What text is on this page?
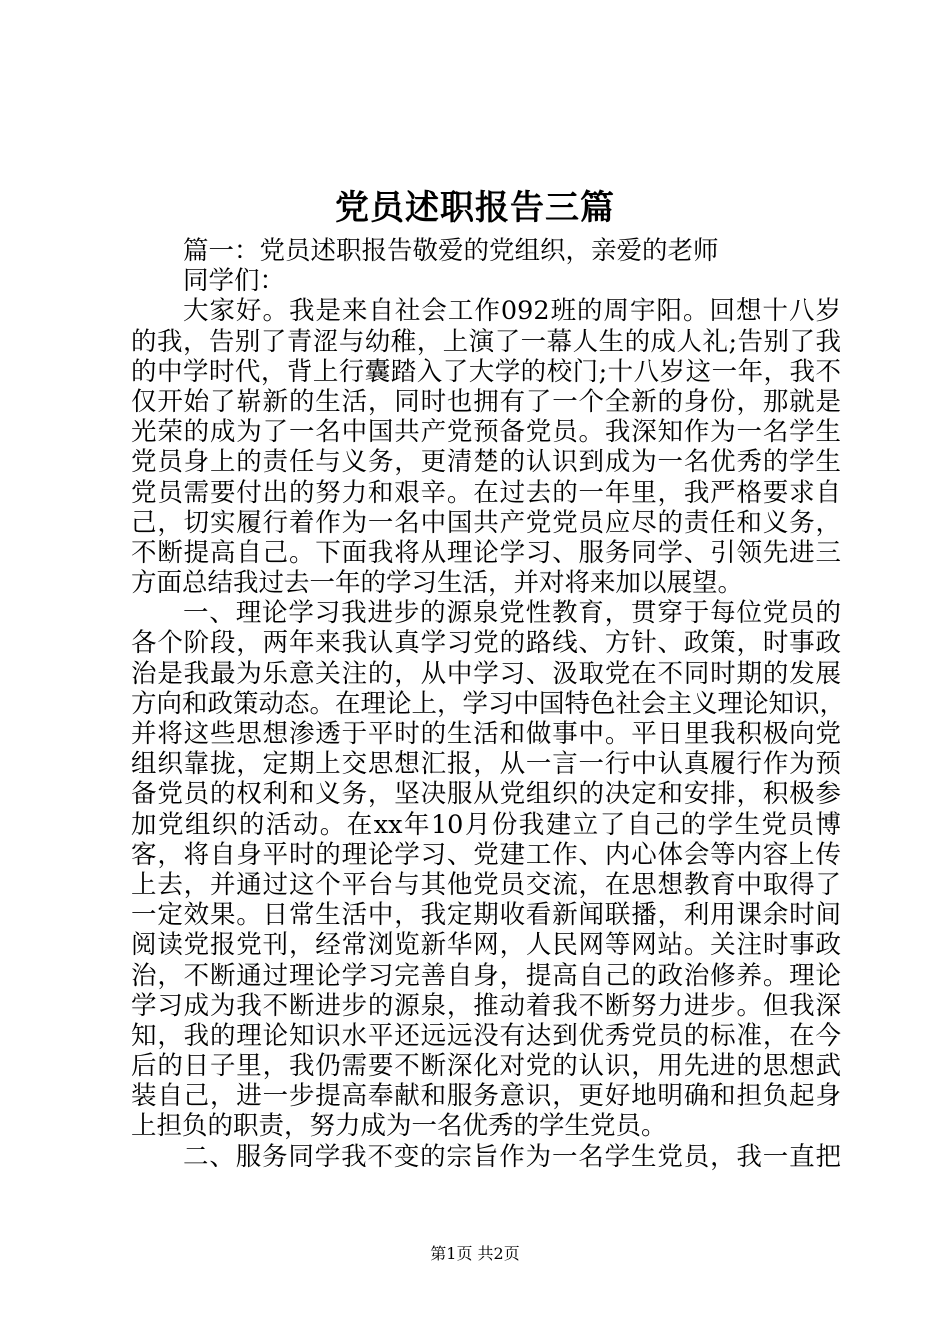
党员述职报告三篇
篇一：党员述职报告敬爱的党组织，亲爱的老师
同学们：
大家好。我是来自社会工作092班的周宇阳。回想十八岁
的我，告别了青涩与幼稚，上演了一幕人生的成人礼;告别了我
的中学时代，背上行囊踏入了大学的校门;十八岁这一年，我不
仅开始了崭新的生活，同时也拥有了一个全新的身份，那就是
光荣的成为了一名中国共产党预备党员。我深知作为一名学生
党员身上的责任与义务，更清楚的认识到成为一名优秀的学生
党员需要付出的努力和艰辛。在过去的一年里，我严格要求自
己，切实履行着作为一名中国共产党党员应尽的责任和义务，
不断提高自己。下面我将从理论学习、服务同学、引领先进三
方面总结我过去一年的学习生活，并对将来加以展望。
一、理论学习我进步的源泉党性教育，贯穿于每位党员的
各个阶段，两年来我认真学习党的路线、方针、政策，时事政
治是我最为乐意关注的，从中学习、汲取党在不同时期的发展
方向和政策动态。在理论上，学习中国特色社会主义理论知识，
并将这些思想渗透于平时的生活和做事中。平日里我积极向党
组织靠拢，定期上交思想汇报，从一言一行中认真履行作为预
备党员的权利和义务，坚决服从党组织的决定和安排，积极参
加党组织的活动。在xx年10月份我建立了自己的学生党员博
客，将自身平时的理论学习、党建工作、内心体会等内容上传
上去，并通过这个平台与其他党员交流，在思想教育中取得了
一定效果。日常生活中，我定期收看新闻联播，利用课余时间
阅读党报党刊，经常浏览新华网，人民网等网站。关注时事政
治，不断通过理论学习完善自身，提高自己的政治修养。理论
学习成为我不断进步的源泉，推动着我不断努力进步。但我深
知，我的理论知识水平还远远没有达到优秀党员的标准，在今
后的日子里，我仍需要不断深化对党的认识，用先进的思想武
装自己，进一步提高奉献和服务意识，更好地明确和担负起身
上担负的职责，努力成为一名优秀的学生党员。
二、服务同学我不变的宗旨作为一名学生党员，我一直把
第1页 共2页
